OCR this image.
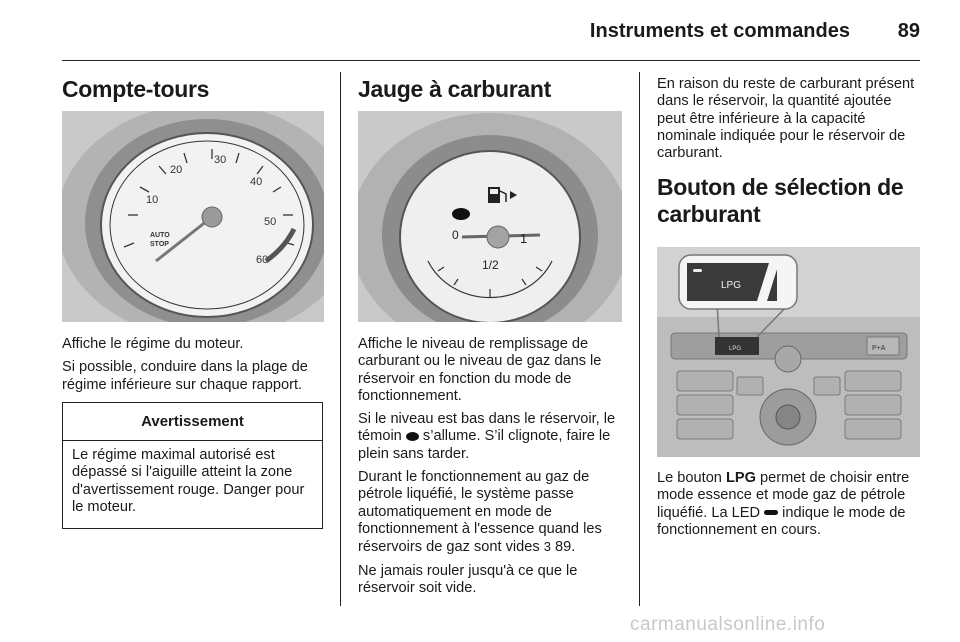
Instruments et commandes	89
Compte-tours
10
20
30
40
50
60
AUTO
STOP

Affiche le régime du moteur.

Si possible, conduire dans la plage de régime inférieure sur chaque rapport.

Avertissement
Le régime maximal autorisé est dépassé si l'aiguille atteint la zone d'avertissement rouge. Danger pour le moteur.
Jauge à carburant
0	1
1/2

Affiche le niveau de remplissage de carburant ou le niveau de gaz dans le réservoir en fonction du mode de fonctionnement.

Si le niveau est bas dans le réservoir, le témoin  s’allume. S’il clignote, faire le plein sans tarder.

Durant le fonctionnement au gaz de pétrole liquéfié, le système passe automatiquement en mode de fonctionnement à l'essence quand les réservoirs de gaz sont vides 3 89.

Ne jamais rouler jusqu'à ce que le réservoir soit vide.

En raison du reste de carburant présent dans le réservoir, la quantité ajoutée peut être inférieure à la capacité nominale indiquée pour le réservoir de carburant.

Bouton de sélection de carburant
LPG	P+A
LPG

Le bouton LPG permet de choisir entre mode essence et mode gaz de pétrole liquéfié. La LED  indique le mode de fonctionnement en cours.

carmanualsonline.info
